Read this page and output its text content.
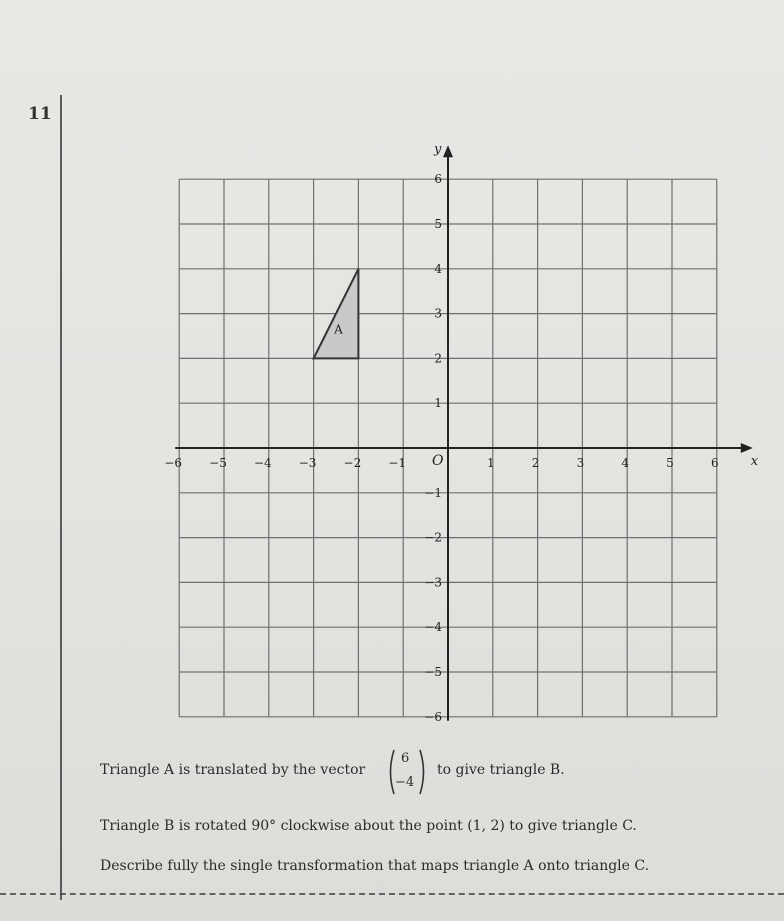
11
x
y
O
−6 −5 −4 −3 −2 −1	1	2	3	4	5	6
6
5
4
3
2
1
−1
−2
−3
−4
−5
−6
A
Triangle A is translated by the vector
6
−4
to give triangle B.
Triangle B is rotated 90° clockwise about the point (1, 2) to give triangle C.
Describe fully the single transformation that maps triangle A onto triangle C.
